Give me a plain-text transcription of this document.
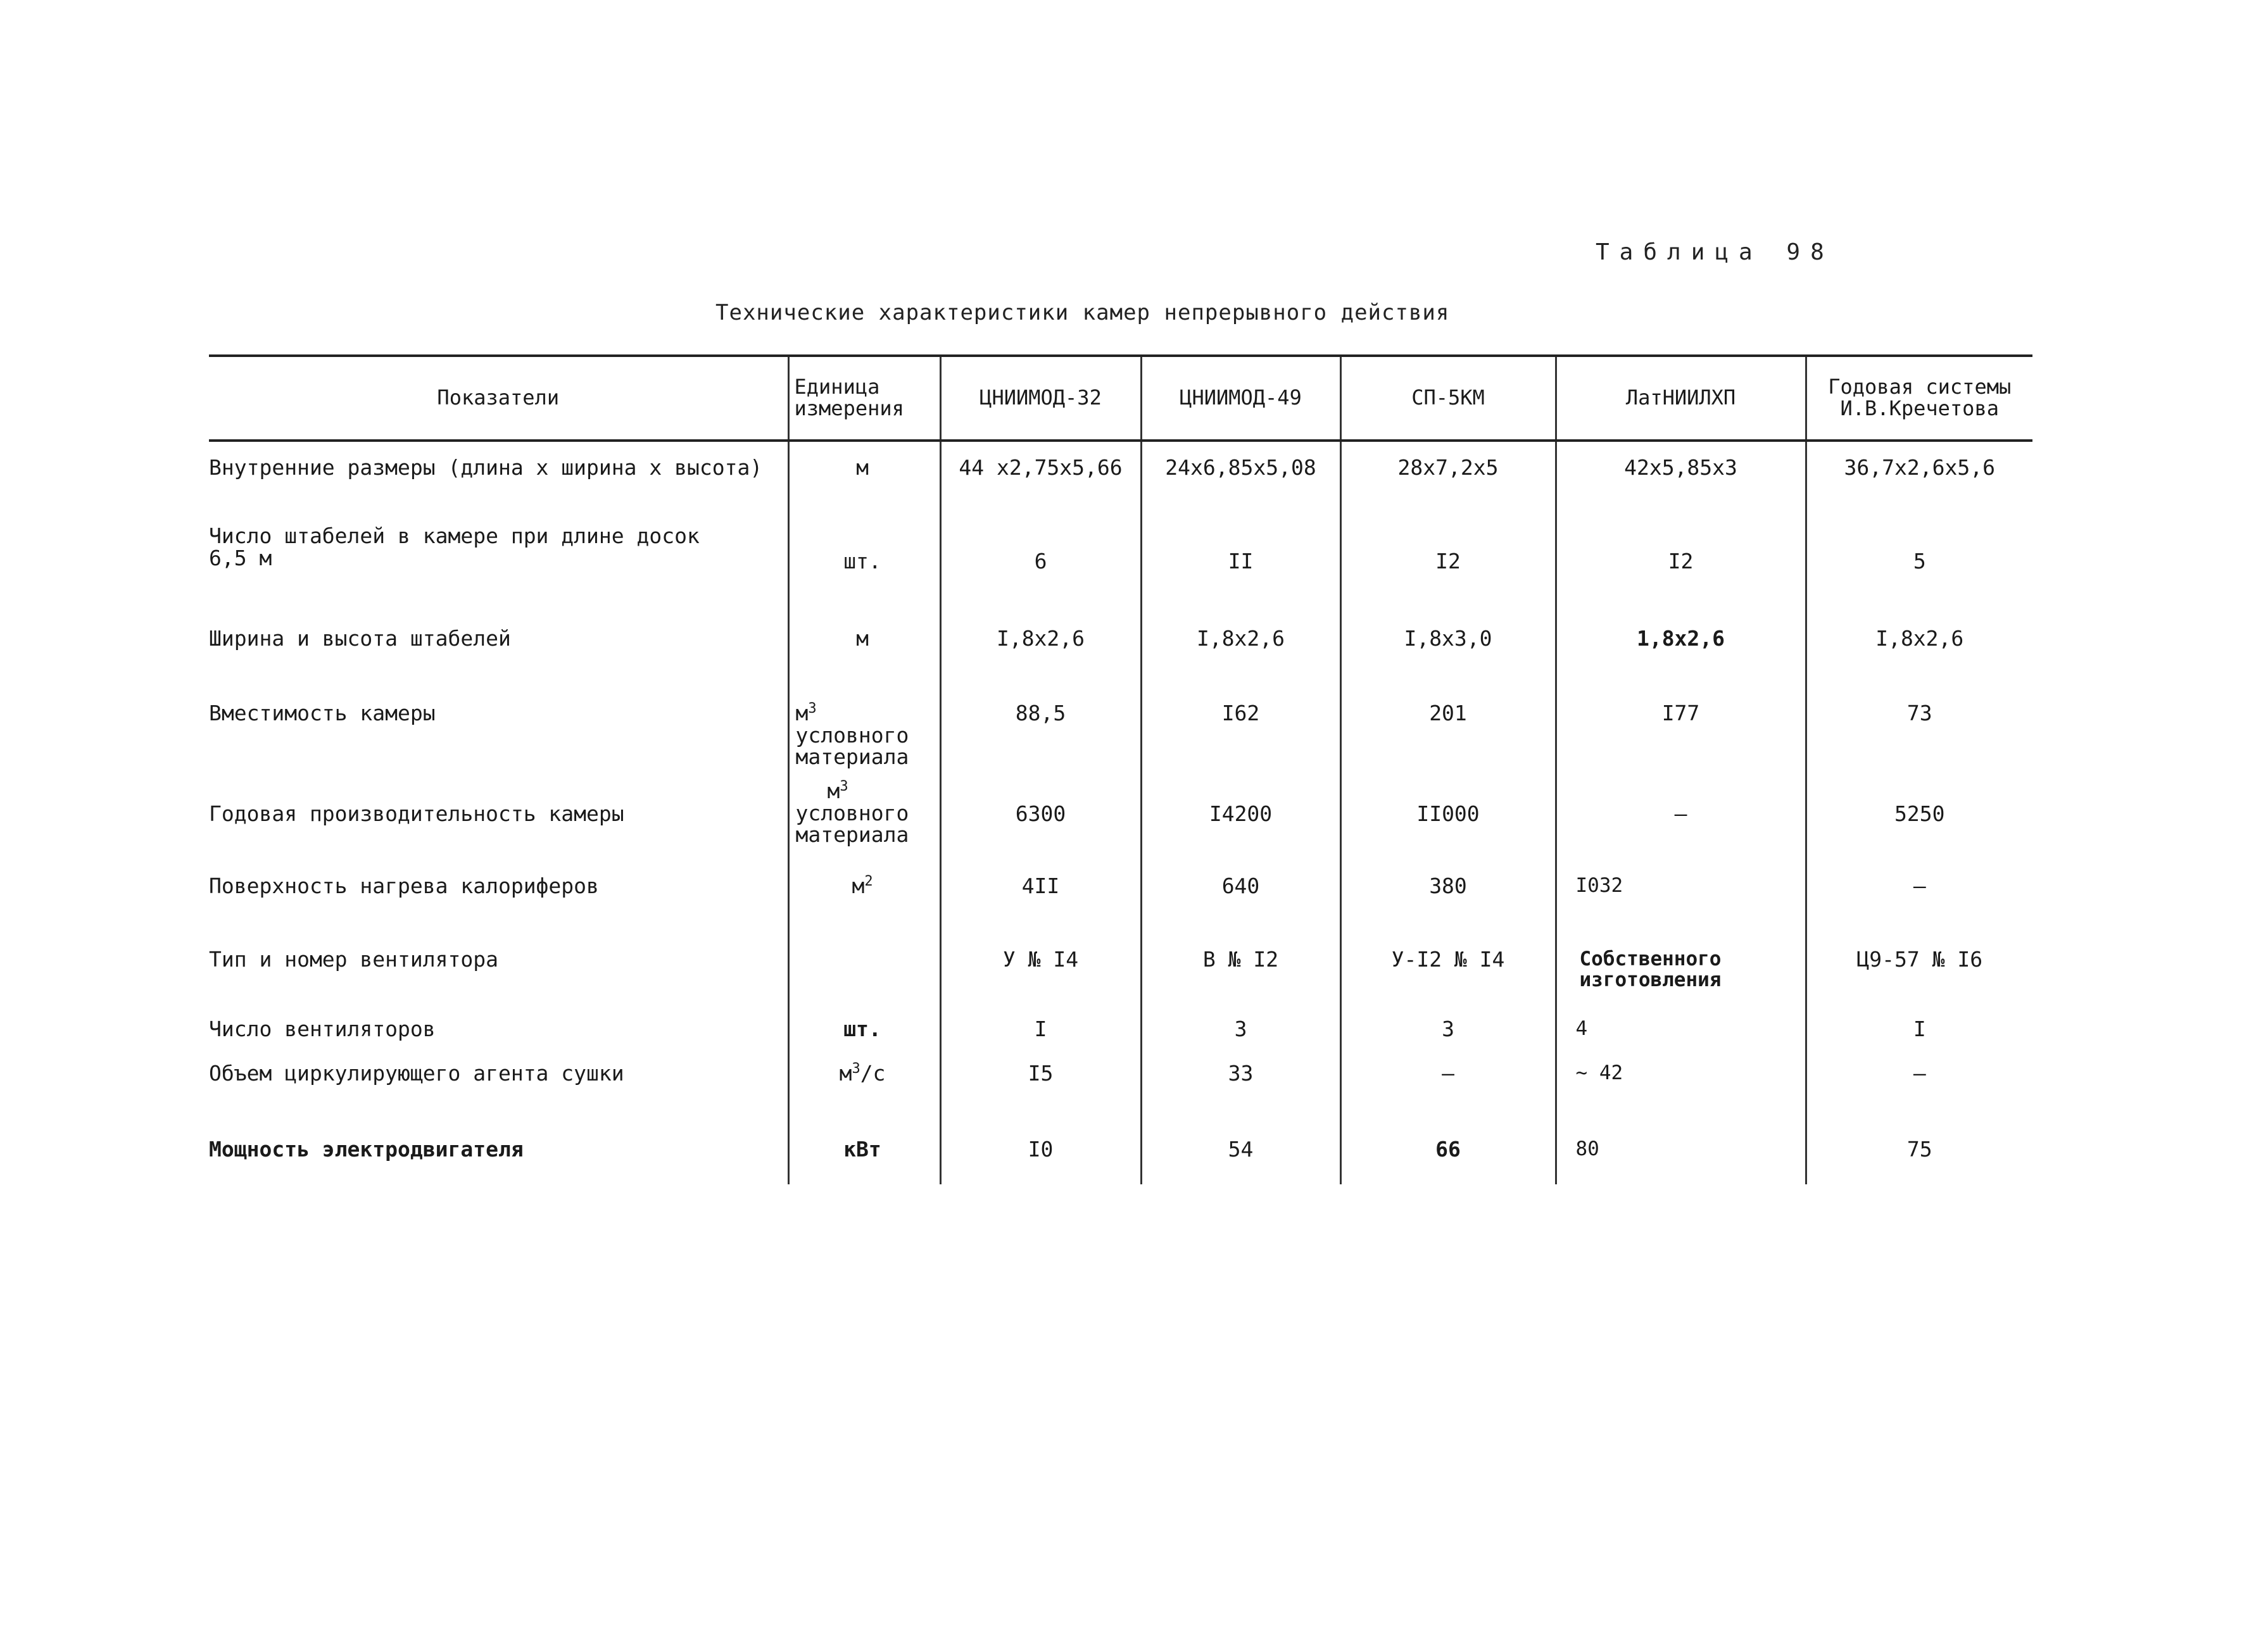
Таблица 98
Технические характеристики камер непрерывного действия
Показатели	Единица
измерения	ЦНИИМОД-32	ЦНИИМОД-49	СП-5КМ	ЛатНИИЛХП	Годовая системы
И.В.Кречетова

Внутренние размеры (длина x ширина x высота)	м	44 x2,75x5,66	24x6,85x5,08	28x7,2x5	42x5,85x3	36,7x2,6x5,6

Число штабелей в камере при длине досок
6,5 м	шт.	6	II	I2	I2	5
Ширина и высота штабелей	м	I,8x2,6	I,8x2,6	I,8x3,0	1,8x2,6	I,8x2,6
Вместимость камеры	$м^3$
условного
материала	88,5	I62	201	I77	73
Годовая производительность камеры	$м^3$
условного
материала	6300	I4200	II000	–	5250
Поверхность нагрева калориферов	$м^2$	4II	640	380	I032	–
Тип и номер вентилятора		У № I4	В № I2	У-I2 № I4	Собственного
изготовления	Ц9-57 № I6
Число вентиляторов	шт.	I	3	3	4	I
Объем циркулирующего агента сушки	$м^3/с$	I5	33	–	~ 42	–
Мощность электродвигателя	кВт	I0	54	66	80	75
